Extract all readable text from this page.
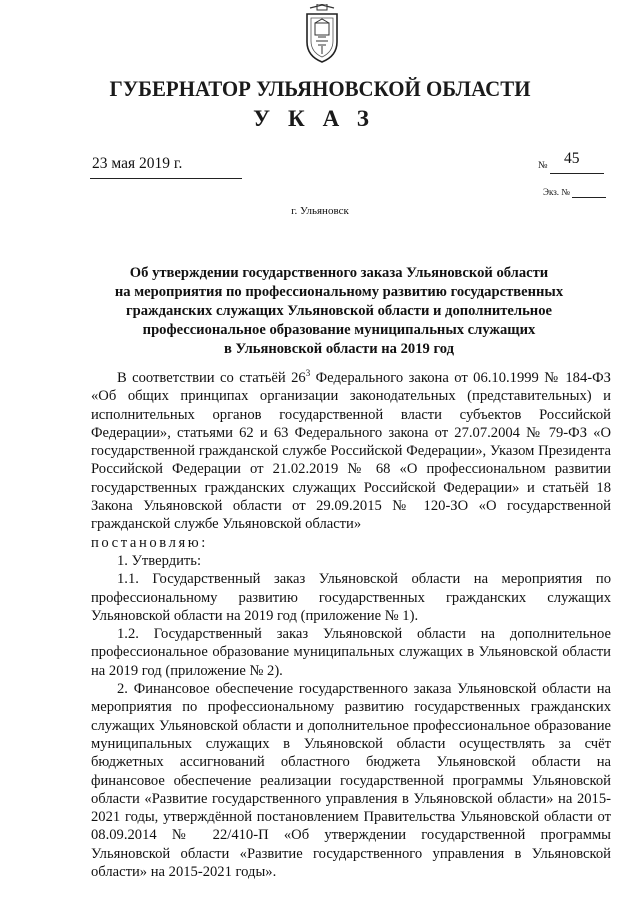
ГУБЕРНАТОР УЛЬЯНОВСКОЙ ОБЛАСТИ
УКАЗ
23 мая 2019 г.	№ 45
Экз. №
г. Ульяновск
Об утверждении государственного заказа Ульяновской области
на мероприятия по профессиональному развитию государственных
гражданских служащих Ульяновской области и дополнительное
профессиональное образование муниципальных служащих
в Ульяновской области на 2019 год

В соответствии со статьёй $26^3$ Федерального закона от 06.10.1999 № 184-ФЗ «Об общих принципах организации законодательных (представительных) и исполнительных органов государственной власти субъектов Российской Федерации», статьями 62 и 63 Федерального закона от 27.07.2004 № 79-ФЗ «О государственной гражданской службе Российской Федерации», Указом Президента Российской Федерации от 21.02.2019 № 68 «О профессиональном развитии государственных гражданских служащих Российской Федерации» и статьёй 18 Закона Ульяновской области от 29.09.2015 № 120-ЗО «О государственной гражданской службе Ульяновской области»

постановляю:

1. Утвердить:

1.1. Государственный заказ Ульяновской области на мероприятия по профессиональному развитию государственных гражданских служащих Ульяновской области на 2019 год (приложение № 1).

1.2. Государственный заказ Ульяновской области на дополнительное профессиональное образование муниципальных служащих в Ульяновской области на 2019 год (приложение № 2).

2. Финансовое обеспечение государственного заказа Ульяновской области на мероприятия по профессиональному развитию государственных гражданских служащих Ульяновской области и дополнительное профессиональное образование муниципальных служащих в Ульяновской области осуществлять за счёт бюджетных ассигнований областного бюджета Ульяновской области на финансовое обеспечение реализации государственной программы Ульяновской области «Развитие государственного управления в Ульяновской области» на 2015-2021 годы, утверждённой постановлением Правительства Ульяновской области от 08.09.2014 № 22/410-П «Об утверждении государственной программы Ульяновской области «Развитие государственного управления в Ульяновской области» на 2015-2021 годы».
